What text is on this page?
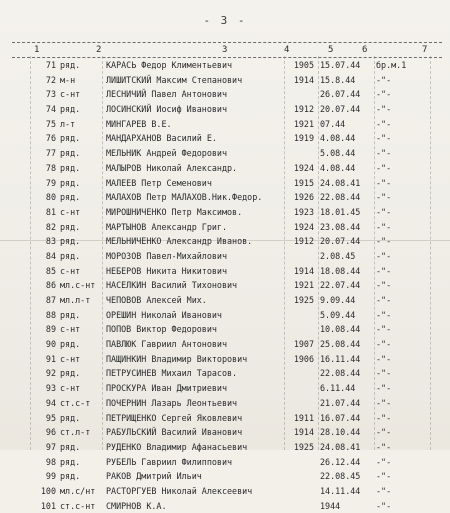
- 3 -
1	2	3	4	5	6	7
71 ряд.	КАРАСЬ Федор Климентьевич	1905 15.07.44	бр.м.1
72 м-н	ЛИШИТСКИЙ Максим Степанович	1914 15.8.44	-"-
73 с-нт	ЛЕСНИЧИЙ Павел Антонович	26.07.44	-"-
74 ряд.	ЛОСИНСКИЙ Иосиф Иванович	1912 20.07.44	-"-
75 л-т	МИНГАРЕВ В.Е.	1921 07.44	-"-
76 ряд.	МАНДАРХАНОВ Василий Е.	1919 4.08.44	-"-
77 ряд.	МЕЛЬНИК Андрей Федорович	5.08.44	-"-
78 ряд.	МАЛЫРОВ Николай Александр.	1924 4.08.44	-"-
79 ряд.	МАЛЕЕВ Петр Семенович	1915 24.08.41	-"-
80 ряд.	МАЛАХОВ Петр МАЛАХОВ.Ник.Федор.	1926 22.08.44	-"-
81 с-нт	МИРОШНИЧЕНКО Петр Максимов.	1923 18.01.45	-"-
82 ряд.	МАРТЫНОВ Александр Григ.	1924 23.08.44	-"-
83 ряд.	МЕЛЬНИЧЕНКО Александр Иванов.	1912 20.07.44	-"-
84 ряд.	МОРОЗОВ Павел-Михайлович	2.08.45	-"-
85 с-нт	НЕБЕРОВ Никита Никитович	1914 18.08.44	-"-
86 мл.с-нт	НАСЕЛКИН Василий Тихонович	1921 22.07.44	-"-
87 мл.л-т	ЧЕПОВОВ Алексей Мих.	1925 9.09.44	-"-
88 ряд.	ОРЕШИН Николай Иванович	5.09.44	-"-
89 с-нт	ПОПОВ Виктор Федорович	10.08.44	-"-
90 ряд.	ПАВЛЮК Гавриил Антонович	1907 25.08.44	-"-
91 с-нт	ПАЩИНКИН Владимир Викторович	1906 16.11.44	-"-
92 ряд.	ПЕТРУСИНЕВ Михаил Тарасов.	22.08.44	-"-
93 с-нт	ПРОСКУРА Иван Дмитриевич	6.11.44	-"-
94 ст.с-т	ПОЧЕРНИН Лазарь Леонтьевич	21.07.44	-"-
95 ряд.	ПЕТРИЩЕНКО Сергей Яковлевич	1911 16.07.44	-"-
96 ст.л-т	РАБУЛЬСКИЙ Василий Иванович	1914 28.10.44	-"-
97 ряд.	РУДЕНКО Владимир Афанасьевич	1925 24.08.41	-"-
98 ряд.	РУБЕЛЬ Гавриил Филиппович	26.12.44	-"-
99 ряд.	РАКОВ Дмитрий Ильич	22.08.45	-"-
100 мл.с/нт	РАСТОРГУЕВ Николай Алексеевич	14.11.44	-"-
101 ст.с-нт	СМИРНОВ К.А.	1944	-"-
